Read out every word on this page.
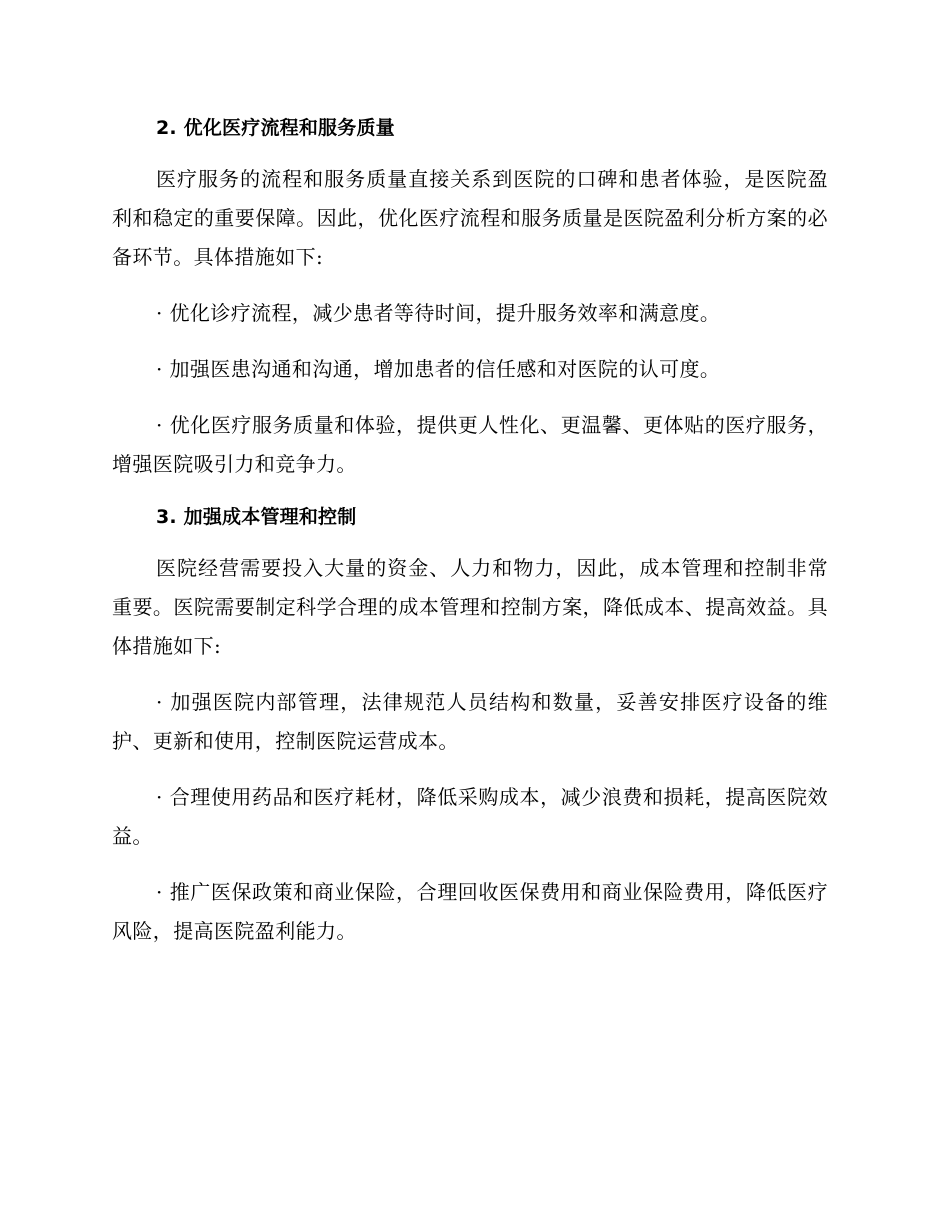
2. 优化医疗流程和服务质量

医疗服务的流程和服务质量直接关系到医院的口碑和患者体验，是医院盈利和稳定的重要保障。因此，优化医疗流程和服务质量是医院盈利分析方案的必备环节。具体措施如下:

· 优化诊疗流程，减少患者等待时间，提升服务效率和满意度。

· 加强医患沟通和沟通，增加患者的信任感和对医院的认可度。

· 优化医疗服务质量和体验，提供更人性化、更温馨、更体贴的医疗服务，增强医院吸引力和竞争力。

3. 加强成本管理和控制

医院经营需要投入大量的资金、人力和物力，因此，成本管理和控制非常重要。医院需要制定科学合理的成本管理和控制方案，降低成本、提高效益。具体措施如下:

· 加强医院内部管理，法律规范人员结构和数量，妥善安排医疗设备的维护、更新和使用，控制医院运营成本。

· 合理使用药品和医疗耗材，降低采购成本，减少浪费和损耗，提高医院效益。

· 推广医保政策和商业保险，合理回收医保费用和商业保险费用，降低医疗风险，提高医院盈利能力。
